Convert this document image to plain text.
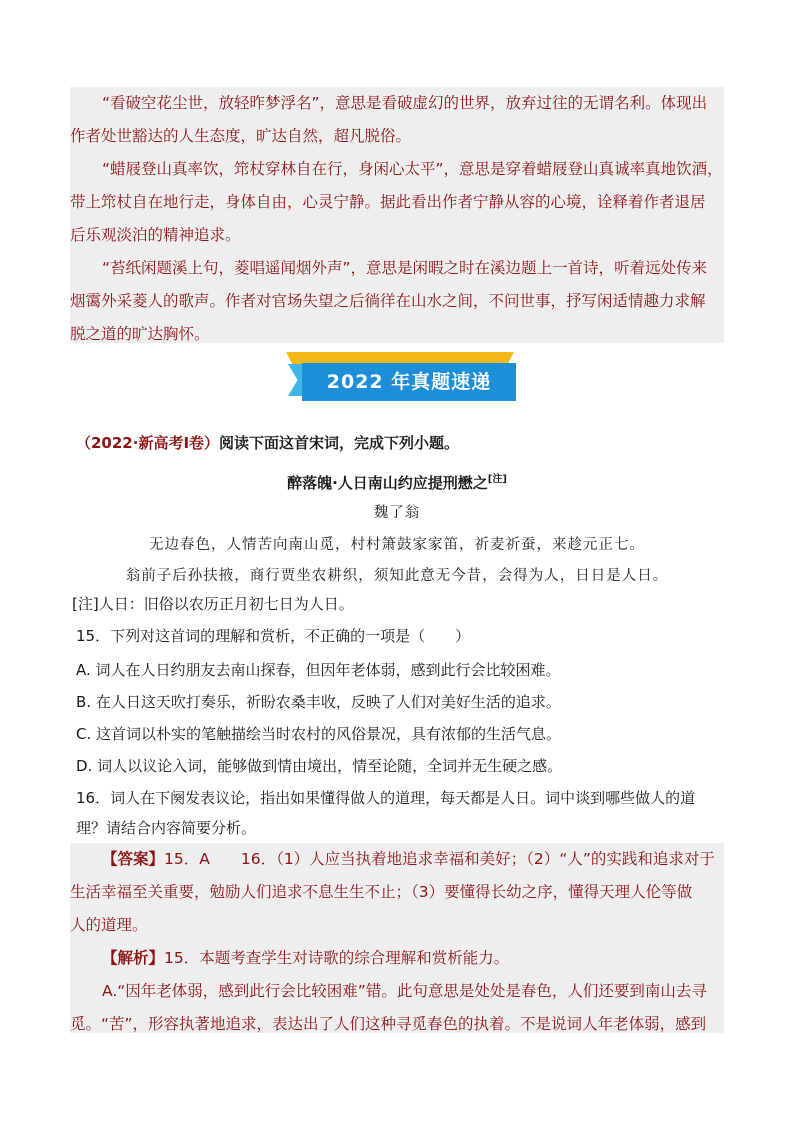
“看破空花尘世，放轻昨梦浮名”，意思是看破虚幻的世界，放弃过往的无谓名利。体现出

作者处世豁达的人生态度，旷达自然，超凡脱俗。

“蜡屐登山真率饮，筇杖穿林自在行，身闲心太平”，意思是穿着蜡屐登山真诚率真地饮酒，

带上筇杖自在地行走，身体自由，心灵宁静。据此看出作者宁静从容的心境，诠释着作者退居

后乐观淡泊的精神追求。

“苔纸闲题溪上句，菱唱遥闻烟外声”，意思是闲暇之时在溪边题上一首诗，听着远处传来

烟霭外采菱人的歌声。作者对官场失望之后徜徉在山水之间，不问世事，抒写闲适情趣力求解

脱之道的旷达胸怀。

2022 年真题速递
（2022·新高考Ⅰ卷）阅读下面这首宋词，完成下列小题。
醉落魄·人日南山约应提刑懋之[注]
魏了翁
无边春色，人情苦向南山觅，村村箫鼓家家笛，祈麦祈蚕，来趁元正七。
翁前子后孙扶掖，商行贾坐农耕织，须知此意无今昔，会得为人，日日是人日。
[注]人日：旧俗以农历正月初七日为人日。
15．下列对这首词的理解和赏析，不正确的一项是（　　）
A. 词人在人日约朋友去南山探春，但因年老体弱，感到此行会比较困难。
B. 在人日这天吹打奏乐，祈盼农桑丰收，反映了人们对美好生活的追求。
C. 这首词以朴实的笔触描绘当时农村的风俗景况，具有浓郁的生活气息。
D. 词人以议论入词，能够做到情由境出，情至论随，全词并无生硬之感。
16．词人在下阕发表议论，指出如果懂得做人的道理，每天都是人日。词中谈到哪些做人的道
理？请结合内容简要分析。

【答案】15．A　　16．（1）人应当执着地追求幸福和美好；（2）“人”的实践和追求对于

生活幸福至关重要，勉励人们追求不息生生不止；（3）要懂得长幼之序，懂得天理人伦等做

人的道理。

【解析】15．本题考查学生对诗歌的综合理解和赏析能力。

A.“因年老体弱，感到此行会比较困难”错。此句意思是处处是春色，人们还要到南山去寻

觅。“苦”，形容执著地追求，表达出了人们这种寻觅春色的执着。不是说词人年老体弱，感到
